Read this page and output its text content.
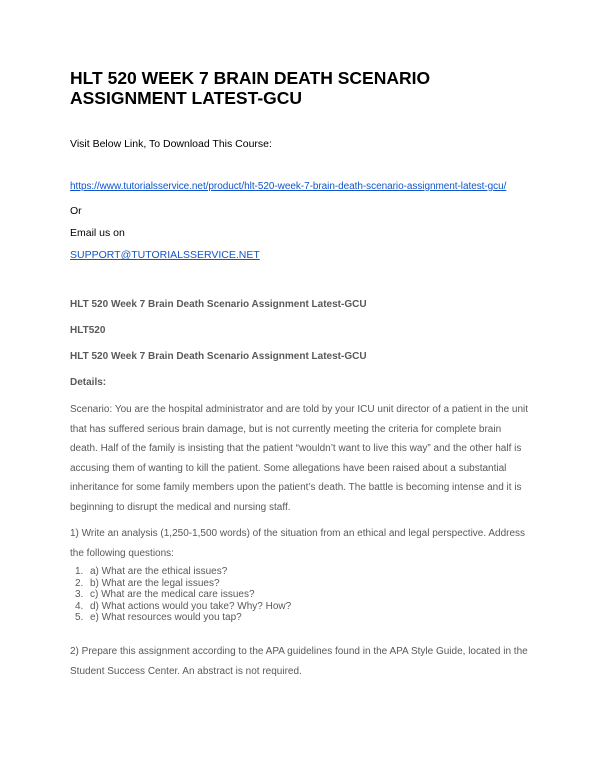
HLT 520 WEEK 7 BRAIN DEATH SCENARIO ASSIGNMENT LATEST-GCU

Visit Below Link, To Download This Course:

https://www.tutorialsservice.net/product/hlt-520-week-7-brain-death-scenario-assignment-latest-gcu/

Or

Email us on

SUPPORT@TUTORIALSSERVICE.NET

HLT 520 Week 7 Brain Death Scenario Assignment Latest-GCU

HLT520

HLT 520 Week 7 Brain Death Scenario Assignment Latest-GCU

Details:

Scenario: You are the hospital administrator and are told by your ICU unit director of a patient in the unit that has suffered serious brain damage, but is not currently meeting the criteria for complete brain death. Half of the family is insisting that the patient “wouldn’t want to live this way” and the other half is accusing them of wanting to kill the patient. Some allegations have been raised about a substantial inheritance for some family members upon the patient’s death. The battle is becoming intense and it is beginning to disrupt the medical and nursing staff.

1) Write an analysis (1,250-1,500 words) of the situation from an ethical and legal perspective. Address the following questions:

1. a) What are the ethical issues?
2. b) What are the legal issues?
3. c) What are the medical care issues?
4. d) What actions would you take? Why? How?
5. e) What resources would you tap?

2) Prepare this assignment according to the APA guidelines found in the APA Style Guide, located in the Student Success Center. An abstract is not required.
